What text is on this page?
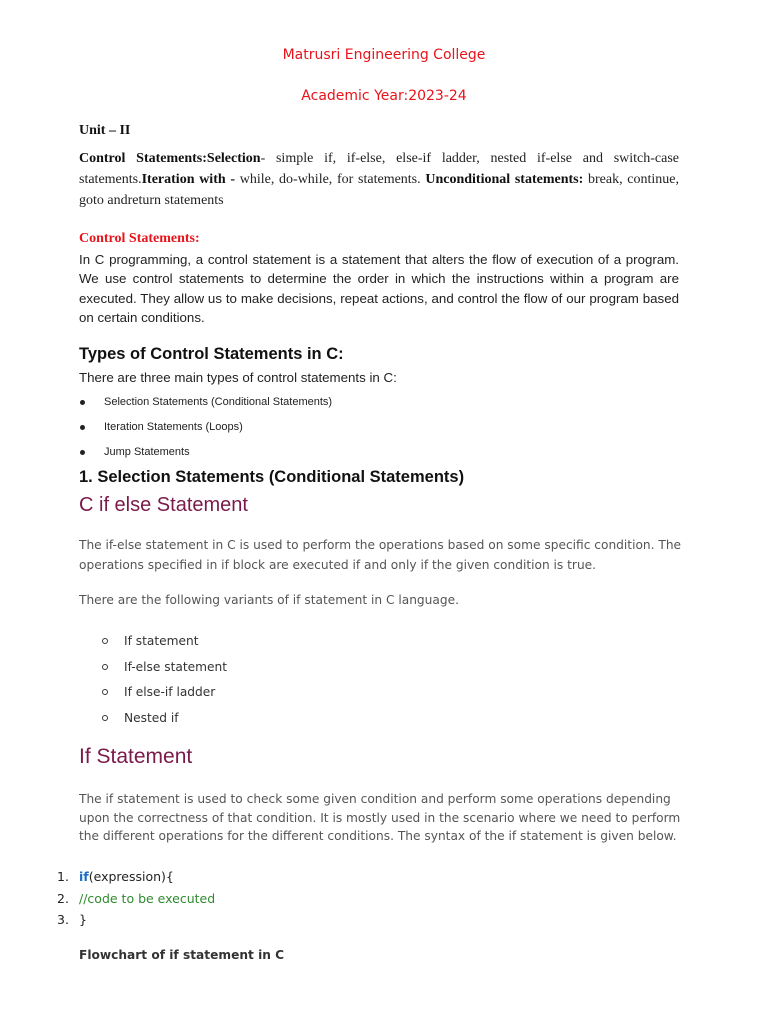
Matrusri Engineering College
Academic Year:2023-24
Unit – II
Control Statements:Selection- simple if, if-else, else-if ladder, nested if-else and switch-case statements.Iteration with - while, do-while, for statements. Unconditional statements: break, continue, goto andreturn statements
Control Statements:
In C programming, a control statement is a statement that alters the flow of execution of a program. We use control statements to determine the order in which the instructions within a program are executed. They allow us to make decisions, repeat actions, and control the flow of our program based on certain conditions.
Types of Control Statements in C:
There are three main types of control statements in C:
Selection Statements (Conditional Statements)
Iteration Statements (Loops)
Jump Statements
1. Selection Statements (Conditional Statements)
C if else Statement
The if-else statement in C is used to perform the operations based on some specific condition. The operations specified in if block are executed if and only if the given condition is true.
There are the following variants of if statement in C language.
If statement
If-else statement
If else-if ladder
Nested if
If Statement
The if statement is used to check some given condition and perform some operations depending upon the correctness of that condition. It is mostly used in the scenario where we need to perform the different operations for the different conditions. The syntax of the if statement is given below.
1. if(expression){
2. //code to be executed
3. }
Flowchart of if statement in C
